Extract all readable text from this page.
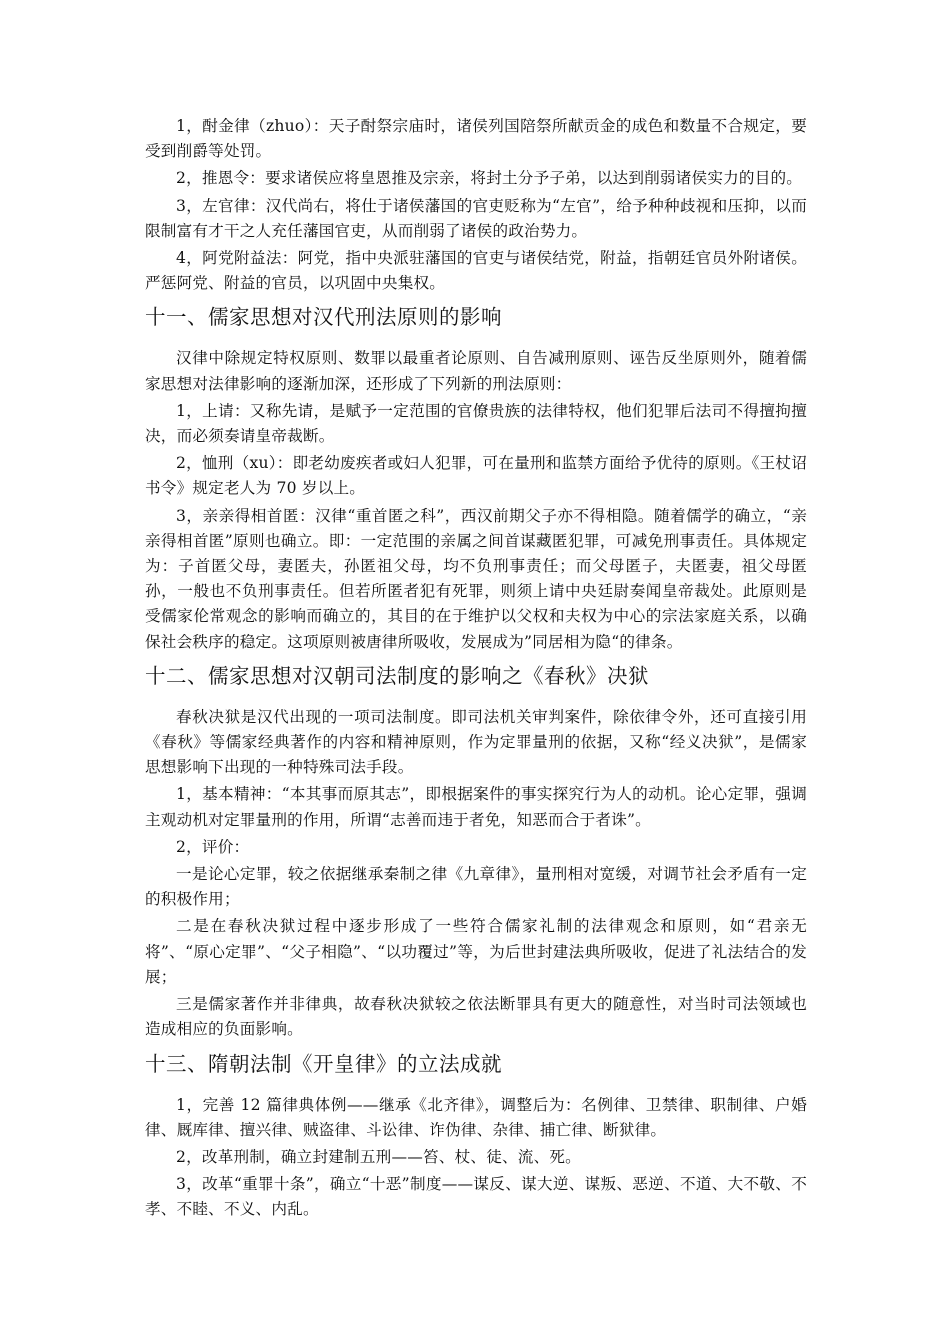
1，酎金律（zhuo）：天子酎祭宗庙时，诸侯列国陪祭所献贡金的成色和数量不合规定，要受到削爵等处罚。

2，推恩令：要求诸侯应将皇恩推及宗亲，将封土分予子弟，以达到削弱诸侯实力的目的。

3，左官律：汉代尚右，将仕于诸侯藩国的官吏贬称为“左官”，给予种种歧视和压抑，以而限制富有才干之人充任藩国官吏，从而削弱了诸侯的政治势力。

4，阿党附益法：阿党，指中央派驻藩国的官吏与诸侯结党，附益，指朝廷官员外附诸侯。严惩阿党、附益的官员，以巩固中央集权。

十一、儒家思想对汉代刑法原则的影响

汉律中除规定特权原则、数罪以最重者论原则、自告减刑原则、诬告反坐原则外，随着儒家思想对法律影响的逐渐加深，还形成了下列新的刑法原则：

1，上请：又称先请，是赋予一定范围的官僚贵族的法律特权，他们犯罪后法司不得擅拘擅决，而必须奏请皇帝裁断。

2，恤刑（xu）：即老幼废疾者或妇人犯罪，可在量刑和监禁方面给予优待的原则。《王杖诏书令》规定老人为 70 岁以上。

3，亲亲得相首匿：汉律“重首匿之科”，西汉前期父子亦不得相隐。随着儒学的确立，“亲亲得相首匿”原则也确立。即：一定范围的亲属之间首谋藏匿犯罪，可减免刑事责任。具体规定为：子首匿父母，妻匿夫，孙匿祖父母，均不负刑事责任；而父母匿子，夫匿妻，祖父母匿孙，一般也不负刑事责任。但若所匿者犯有死罪，则须上请中央廷尉奏闻皇帝裁处。此原则是受儒家伦常观念的影响而确立的，其目的在于维护以父权和夫权为中心的宗法家庭关系，以确保社会秩序的稳定。这项原则被唐律所吸收，发展成为”同居相为隐“的律条。

十二、儒家思想对汉朝司法制度的影响之《春秋》决狱

春秋决狱是汉代出现的一项司法制度。即司法机关审判案件，除依律令外，还可直接引用《春秋》等儒家经典著作的内容和精神原则，作为定罪量刑的依据，又称“经义决狱”，是儒家思想影响下出现的一种特殊司法手段。

1，基本精神：“本其事而原其志”，即根据案件的事实探究行为人的动机。论心定罪，强调主观动机对定罪量刑的作用，所谓“志善而违于者免，知恶而合于者诛”。

2，评价：

一是论心定罪，较之依据继承秦制之律《九章律》，量刑相对宽缓，对调节社会矛盾有一定的积极作用；

二是在春秋决狱过程中逐步形成了一些符合儒家礼制的法律观念和原则，如“君亲无将”、“原心定罪”、“父子相隐”、“以功覆过”等，为后世封建法典所吸收，促进了礼法结合的发展；

三是儒家著作并非律典，故春秋决狱较之依法断罪具有更大的随意性，对当时司法领域也造成相应的负面影响。

十三、隋朝法制《开皇律》的立法成就

1，完善 12 篇律典体例——继承《北齐律》，调整后为：名例律、卫禁律、职制律、户婚律、厩库律、擅兴律、贼盗律、斗讼律、诈伪律、杂律、捕亡律、断狱律。

2，改革刑制，确立封建制五刑——笞、杖、徒、流、死。

3，改革“重罪十条”，确立“十恶”制度——谋反、谋大逆、谋叛、恶逆、不道、大不敬、不孝、不睦、不义、内乱。
